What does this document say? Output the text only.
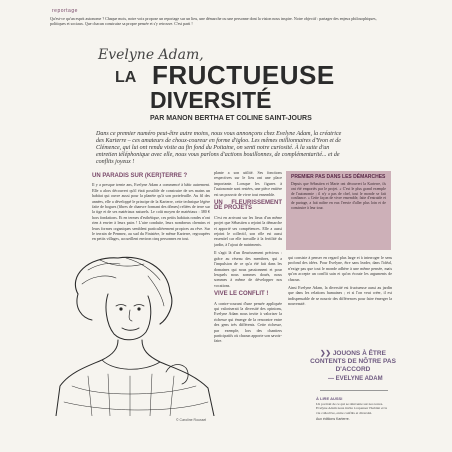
reportage

Qu'est-ce qu'un esprit autonome ? Chaque mois, notre voix propose un reportage sur un lieu, une démarche ou une personne dont la vision nous inspire. Notre objectif : partager des enjeux philosophiques, politiques et sociaux. Que chacun construise sa propre pensée et s'y retrouve. C'est parti !

Evelyne Adam,
LA FRUCTUEUSE
DIVERSITÉ
PAR MANON BERTHA ET COLINE SAINT-JOURS

Dans ce premier numéro peut-être autre moins, nous vous annonçons chez Evelyne Adam, la créatrice des Karterre – ces amateurs de choux-coureur en forme d'igloo. Les mêmes millionnaires d'Yvon et de Clémence, qui lui ont rendu visite au fin fond du Poitaine, on senti notre curiosité. À la suite d'un entretien téléphonique avec elle, nous vous parlons d'actions bouillonnes, de complémentarité... et de conflits joyeux !

UN PARADIS SUR (KER)TERRE ?

Il y a presque trente ans, Evelyne Adam a commencé à bâtir autrement. Elle a alors découvert qu'il était possible de construire de ses mains un habitat qui ouvre aussi pour la planète qu'à son portefeuille. Au fil des années, elle a développé le principe de la Karterre, cette technique légère faite de bogues (fibres de chanvre formant des dômes) reliées de terre sur la tige et de ses matériaux naturels. Le coût moyen de matériaux : 380 € hors fondations. Et en termes d'esthétique, ces petits habitats rondes n'ont rien à envier à leurs pairs ! L'aire conduite, leurs nombreux chemins et leurs formes organiques semblent particulièrement propices au rêve. Sur le terrain de Penmez, au sud du Finistère, le même Karterre, regroupées en petits villages, accueillent environ cinq personnes en tout.

© Caroline Roussel

plante a son utilité. Ses fonctions respectives sur le lieu ont une place importante. Lorsque les figures à l'autonomie sont restées, une pièce entière est un pouvoir de vivre tout ensemble.

UN FLEURISSEMENT DE PROJETS

C'est en arrivant sur les lieux d'un même projet que Sébastien a rejoint la démarche et apporté ses compétences. Elle a aussi rejoint le collectif, son rôle est aussi essentiel car elle travaille à la fertilité du jardin, à l'ajout de nutriments.

Il s'agit là d'un fleurissement précieux : grâce au réseau des membres, qui a l'impulsion de ce qu'a été fait dans les domaines qui nous passionnent et pour lesquels nous sommes doués, nous sommes à même de développer nos vocations.

VIVE LE CONFLIT !

A contre-courant d'une pensée appliquée qui valoriserait la diversité des opinions, Evelyne Adam nous invite à valoriser la richesse qui émerge de la rencontre entre des gens très différents. Cette richesse, par exemple, lors des chantiers participatifs où chacun apporte son savoir-faire.

PREMIER PAS DANS LES DÉMARCHES
Depuis que Sébastien et Marie ont découvert la Karterre, ils ont été emportés par le projet. « C'est le plus grand exemple de l'autonomie ; il n'y a pas de chef, tout le monde se fait confiance. » Cette façon de vivre ensemble, faite d'entraide et de partage, a fait naître en eux l'envie d'aller plus loin et de construire à leur tour.

qui consiste à penser en regard plus large et à interroger le sens profond des idées. Pour Evelyne, être sans leader, dans l'idéal, n'exige pas que tout le monde adhère à une même pensée, mais qu'on accepte un conflit sain et qu'on écoute les arguments de chacun.

Ainsi Evelyne Adam, la diversité est fructueuse aussi au jardin que dans les relations humaines ; et si l'on veut créer, il est indispensable de se nourrir des différences pour faire émerger la nouveauté.

❯❯ JOUONS À ÊTRE
CONTENTS DE NÔTRE PAS
D'ACCORD
— EVELYNE ADAM
À LIRE AUSSI
Un portrait de ce qui se réinvente sur nos terres. Evelyne Adam nous invite à repenser l'habitat et la vie collective, entre conflits et diversité.
Aux éditions Karterre.
